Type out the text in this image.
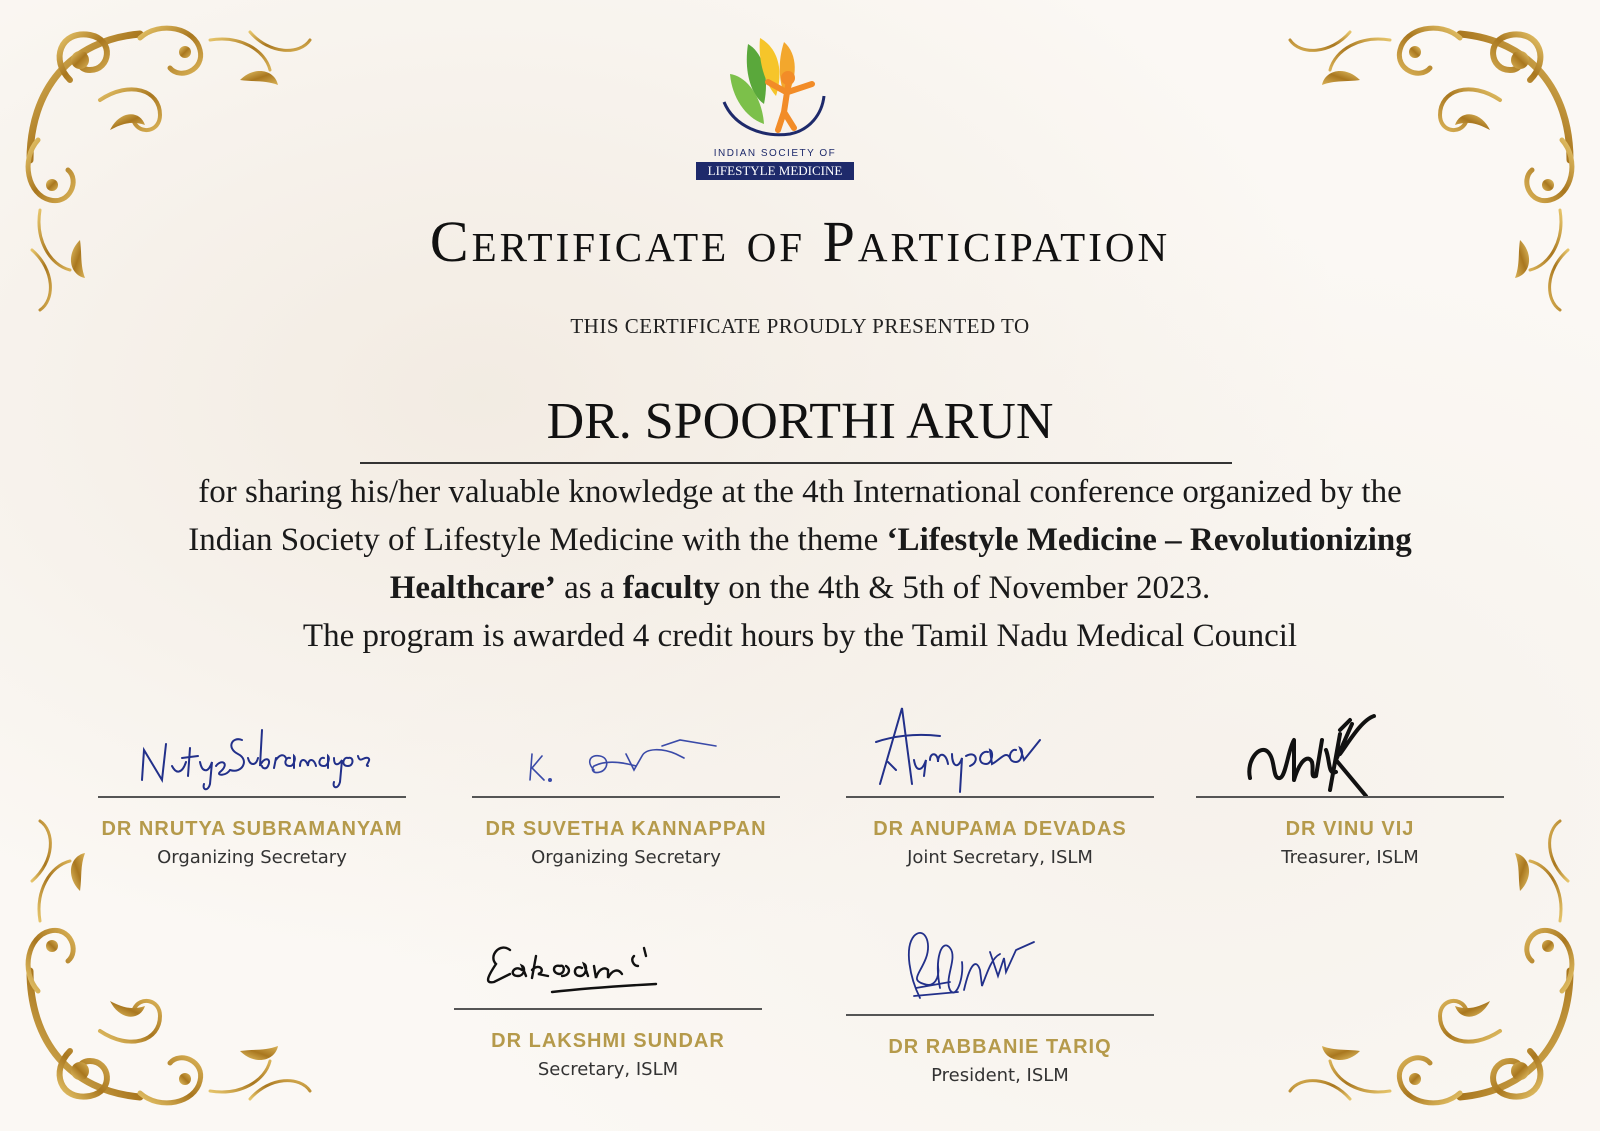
INDIAN SOCIETY OF
LIFESTYLE MEDICINE
Certificate of Participation
THIS CERTIFICATE PROUDLY PRESENTED TO
DR. SPOORTHI ARUN
for sharing his/her valuable knowledge at the 4th International conference organized by the Indian Society of Lifestyle Medicine with the theme ‘Lifestyle Medicine – Revolutionizing Healthcare’ as a faculty on the 4th & 5th of November 2023.
The program is awarded 4 credit hours by the Tamil Nadu Medical Council
DR NRUTYA SUBRAMANYAM
Organizing Secretary
DR SUVETHA KANNAPPAN
Organizing Secretary
DR ANUPAMA DEVADAS
Joint Secretary, ISLM
DR VINU VIJ
Treasurer, ISLM
DR LAKSHMI SUNDAR
Secretary, ISLM
DR RABBANIE TARIQ
President, ISLM
